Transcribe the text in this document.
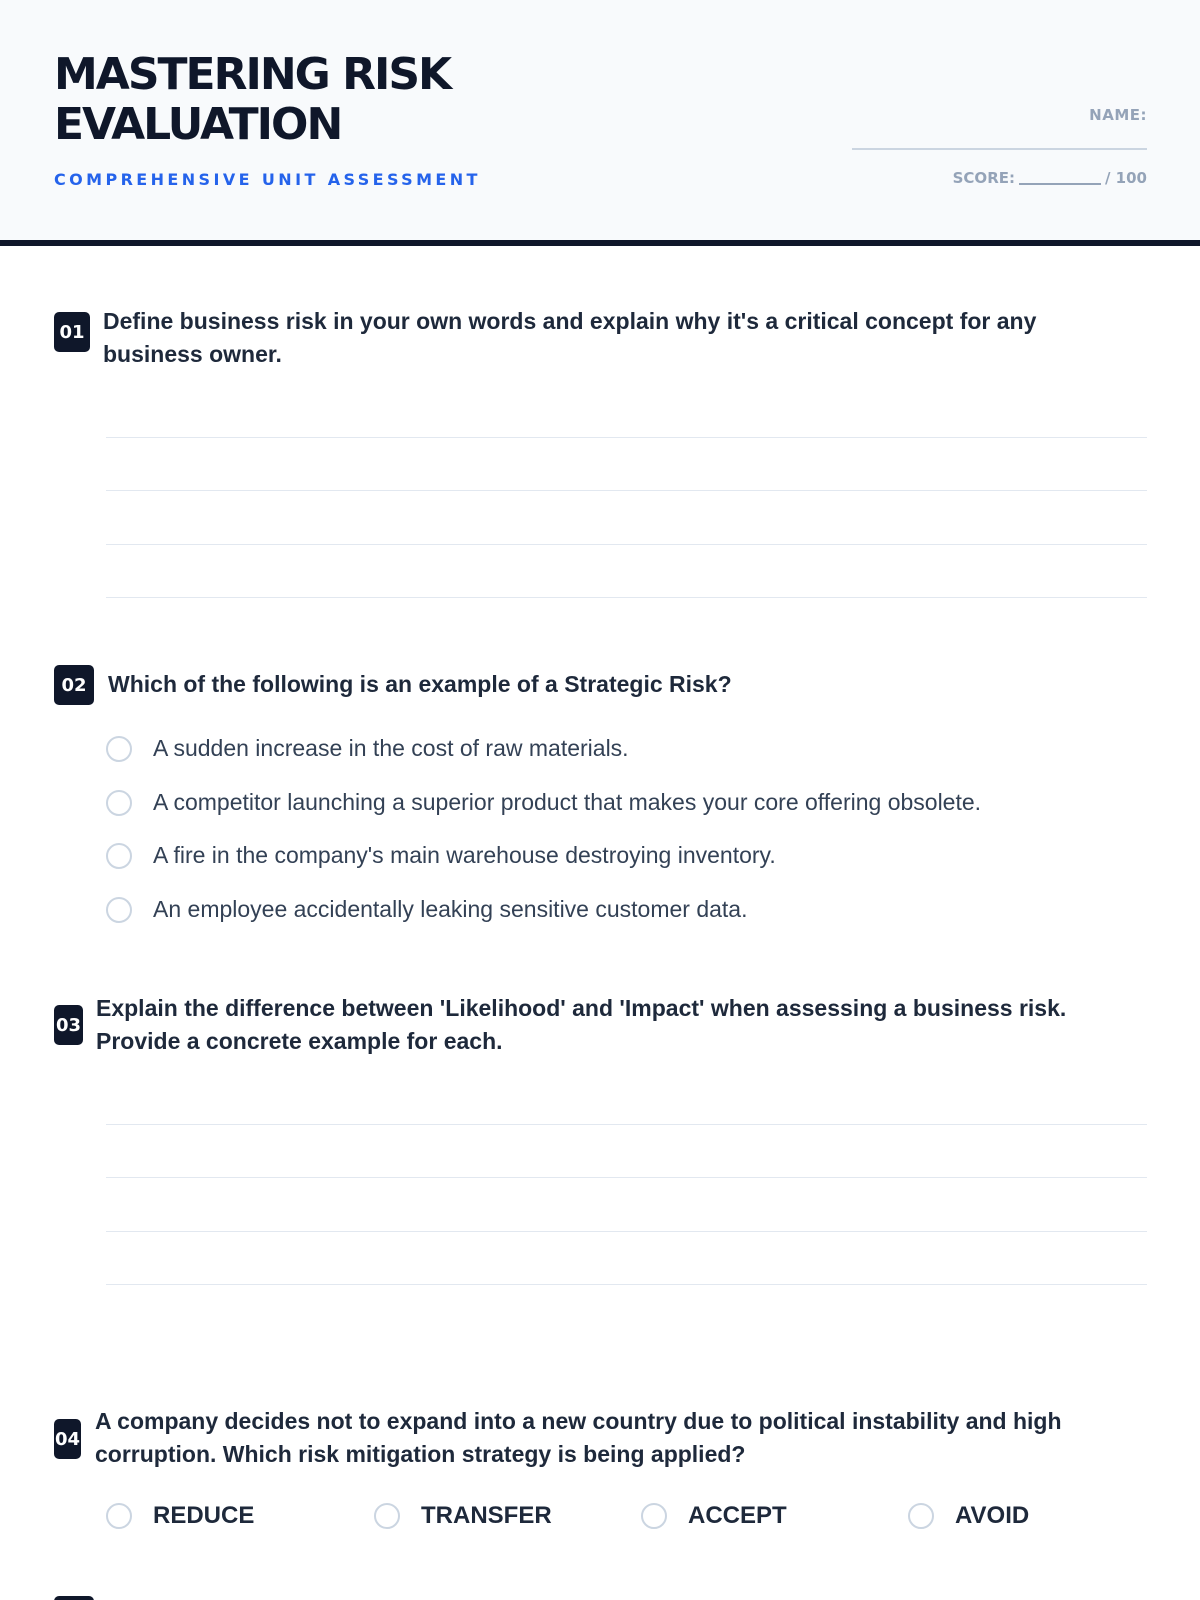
MASTERING RISK EVALUATION
COMPREHENSIVE UNIT ASSESSMENT
NAME:
SCORE:	/ 100
01 Define business risk in your own words and explain why it's a critical concept for any business owner.
02 Which of the following is an example of a Strategic Risk?
A sudden increase in the cost of raw materials.
A competitor launching a superior product that makes your core offering obsolete.
A fire in the company's main warehouse destroying inventory.
An employee accidentally leaking sensitive customer data.
03
Explain the difference between 'Likelihood' and 'Impact' when assessing a business risk. Provide a concrete example for each.
04
A company decides not to expand into a new country due to political instability and high corruption. Which risk mitigation strategy is being applied?
REDUCE	TRANSFER	ACCEPT	AVOID
